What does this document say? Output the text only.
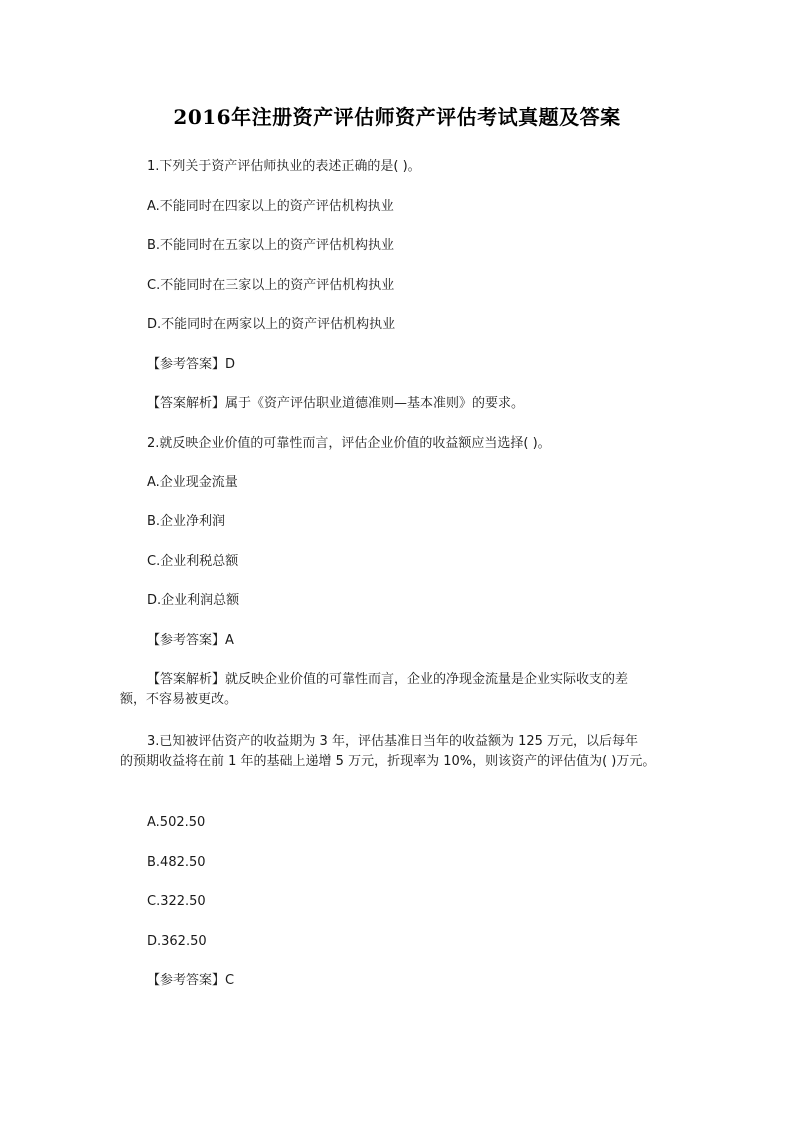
2016年注册资产评估师资产评估考试真题及答案
1.下列关于资产评估师执业的表述正确的是( )。
A.不能同时在四家以上的资产评估机构执业
B.不能同时在五家以上的资产评估机构执业
C.不能同时在三家以上的资产评估机构执业
D.不能同时在两家以上的资产评估机构执业
【参考答案】D
【答案解析】属于《资产评估职业道德准则—基本准则》的要求。
2.就反映企业价值的可靠性而言，评估企业价值的收益额应当选择( )。
A.企业现金流量
B.企业净利润
C.企业利税总额
D.企业利润总额
【参考答案】A
【答案解析】就反映企业价值的可靠性而言，企业的净现金流量是企业实际收支的差
额，不容易被更改。
3.已知被评估资产的收益期为 3 年，评估基准日当年的收益额为 125 万元，以后每年
的预期收益将在前 1 年的基础上递增 5 万元，折现率为 10%，则该资产的评估值为( )万元。
A.502.50
B.482.50
C.322.50
D.362.50
【参考答案】C
